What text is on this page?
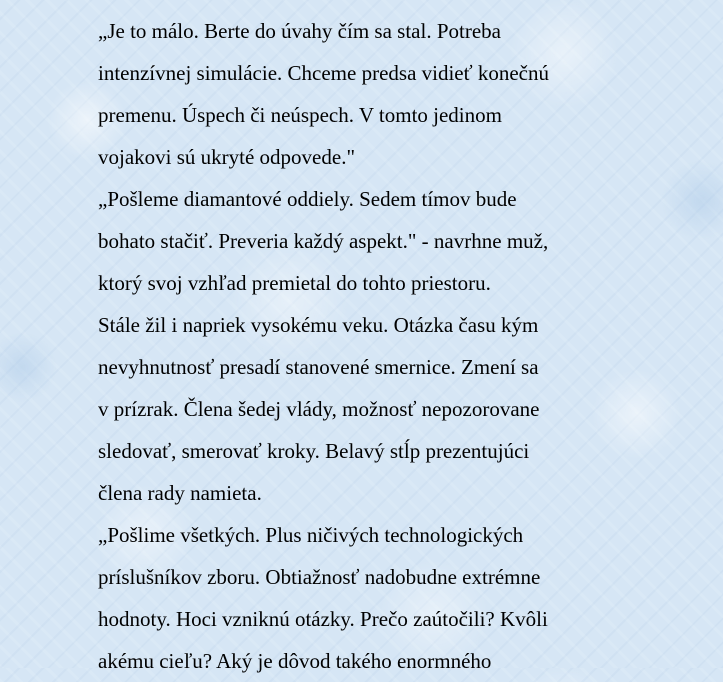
„Je to málo. Berte do úvahy čím sa stal. Potreba

intenzívnej simulácie. Chceme predsa vidieť konečnú

premenu. Úspech či neúspech. V tomto jedinom

vojakovi sú ukryté odpovede."

„Pošleme diamantové oddiely. Sedem tímov bude

bohato stačiť. Preveria každý aspekt." - navrhne muž,

ktorý svoj vzhľad premietal do tohto priestoru.

Stále žil i napriek vysokému veku. Otázka času kým

nevyhnutnosť presadí stanovené smernice. Zmení sa

v prízrak. Člena šedej vlády, možnosť nepozorovane

sledovať, smerovať kroky. Belavý stĺp prezentujúci

člena rady namieta.

„Pošlime všetkých. Plus ničivých technologických

príslušníkov zboru. Obtiažnosť nadobudne extrémne

hodnoty. Hoci vzniknú otázky. Prečo zaútočili? Kvôli

akému cieľu? Aký je dôvod takého enormného
